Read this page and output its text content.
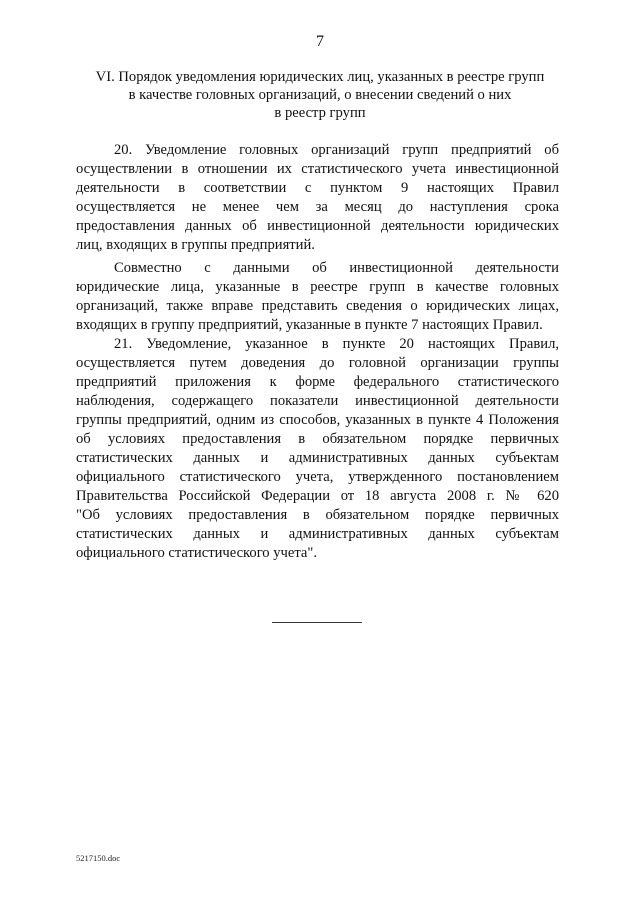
7
VI. Порядок уведомления юридических лиц, указанных в реестре групп
в качестве головных организаций, о внесении сведений о них
в реестр групп

20. Уведомление головных организаций групп предприятий об

осуществлении в отношении их статистического учета инвестиционной

деятельности в соответствии с пунктом 9 настоящих Правил

осуществляется не менее чем за месяц до наступления срока

предоставления данных об инвестиционной деятельности юридических

лиц, входящих в группы предприятий.

Совместно с данными об инвестиционной деятельности

юридические лица, указанные в реестре групп в качестве головных

организаций, также вправе представить сведения о юридических лицах,

входящих в группу предприятий, указанные в пункте 7 настоящих Правил.

21. Уведомление, указанное в пункте 20 настоящих Правил,

осуществляется путем доведения до головной организации группы

предприятий приложения к форме федерального статистического

наблюдения, содержащего показатели инвестиционной деятельности

группы предприятий, одним из способов, указанных в пункте 4 Положения

об условиях предоставления в обязательном порядке первичных

статистических данных и административных данных субъектам

официального статистического учета, утвержденного постановлением

Правительства Российской Федерации от 18 августа 2008 г. № 620

"Об условиях предоставления в обязательном порядке первичных

статистических данных и административных данных субъектам

официального статистического учета".

5217150.doc
